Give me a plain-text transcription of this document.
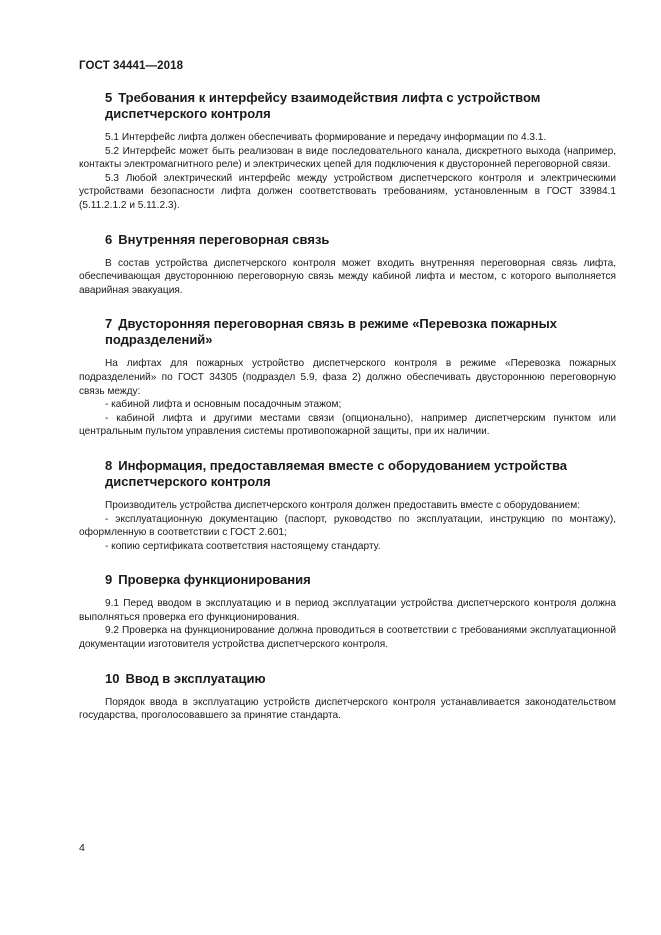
ГОСТ 34441—2018
5 Требования к интерфейсу взаимодействия лифта с устройством диспетчерского контроля

5.1 Интерфейс лифта должен обеспечивать формирование и передачу информации по 4.3.1.

5.2 Интерфейс может быть реализован в виде последовательного канала, дискретного выхода (например, контакты электромагнитного реле) и электрических цепей для подключения к двусторонней переговорной связи.

5.3 Любой электрический интерфейс между устройством диспетчерского контроля и электрическими устройствами безопасности лифта должен соответствовать требованиям, установленным в ГОСТ 33984.1 (5.11.2.1.2 и 5.11.2.3).

6 Внутренняя переговорная связь

В состав устройства диспетчерского контроля может входить внутренняя переговорная связь лифта, обеспечивающая двустороннюю переговорную связь между кабиной лифта и местом, с которого выполняется аварийная эвакуация.

7 Двусторонняя переговорная связь в режиме «Перевозка пожарных подразделений»

На лифтах для пожарных устройство диспетчерского контроля в режиме «Перевозка пожарных подразделений» по ГОСТ 34305 (подраздел 5.9, фаза 2) должно обеспечивать двустороннюю переговорную связь между:

- кабиной лифта и основным посадочным этажом;

- кабиной лифта и другими местами связи (опционально), например диспетчерским пунктом или центральным пультом управления системы противопожарной защиты, при их наличии.

8 Информация, предоставляемая вместе с оборудованием устройства диспетчерского контроля

Производитель устройства диспетчерского контроля должен предоставить вместе с оборудованием:

- эксплуатационную документацию (паспорт, руководство по эксплуатации, инструкцию по монтажу), оформленную в соответствии с ГОСТ 2.601;

- копию сертификата соответствия настоящему стандарту.

9 Проверка функционирования

9.1 Перед вводом в эксплуатацию и в период эксплуатации устройства диспетчерского контроля должна выполняться проверка его функционирования.

9.2 Проверка на функционирование должна проводиться в соответствии с требованиями эксплуатационной документации изготовителя устройства диспетчерского контроля.

10 Ввод в эксплуатацию

Порядок ввода в эксплуатацию устройств диспетчерского контроля устанавливается законодательством государства, проголосовавшего за принятие стандарта.

4
